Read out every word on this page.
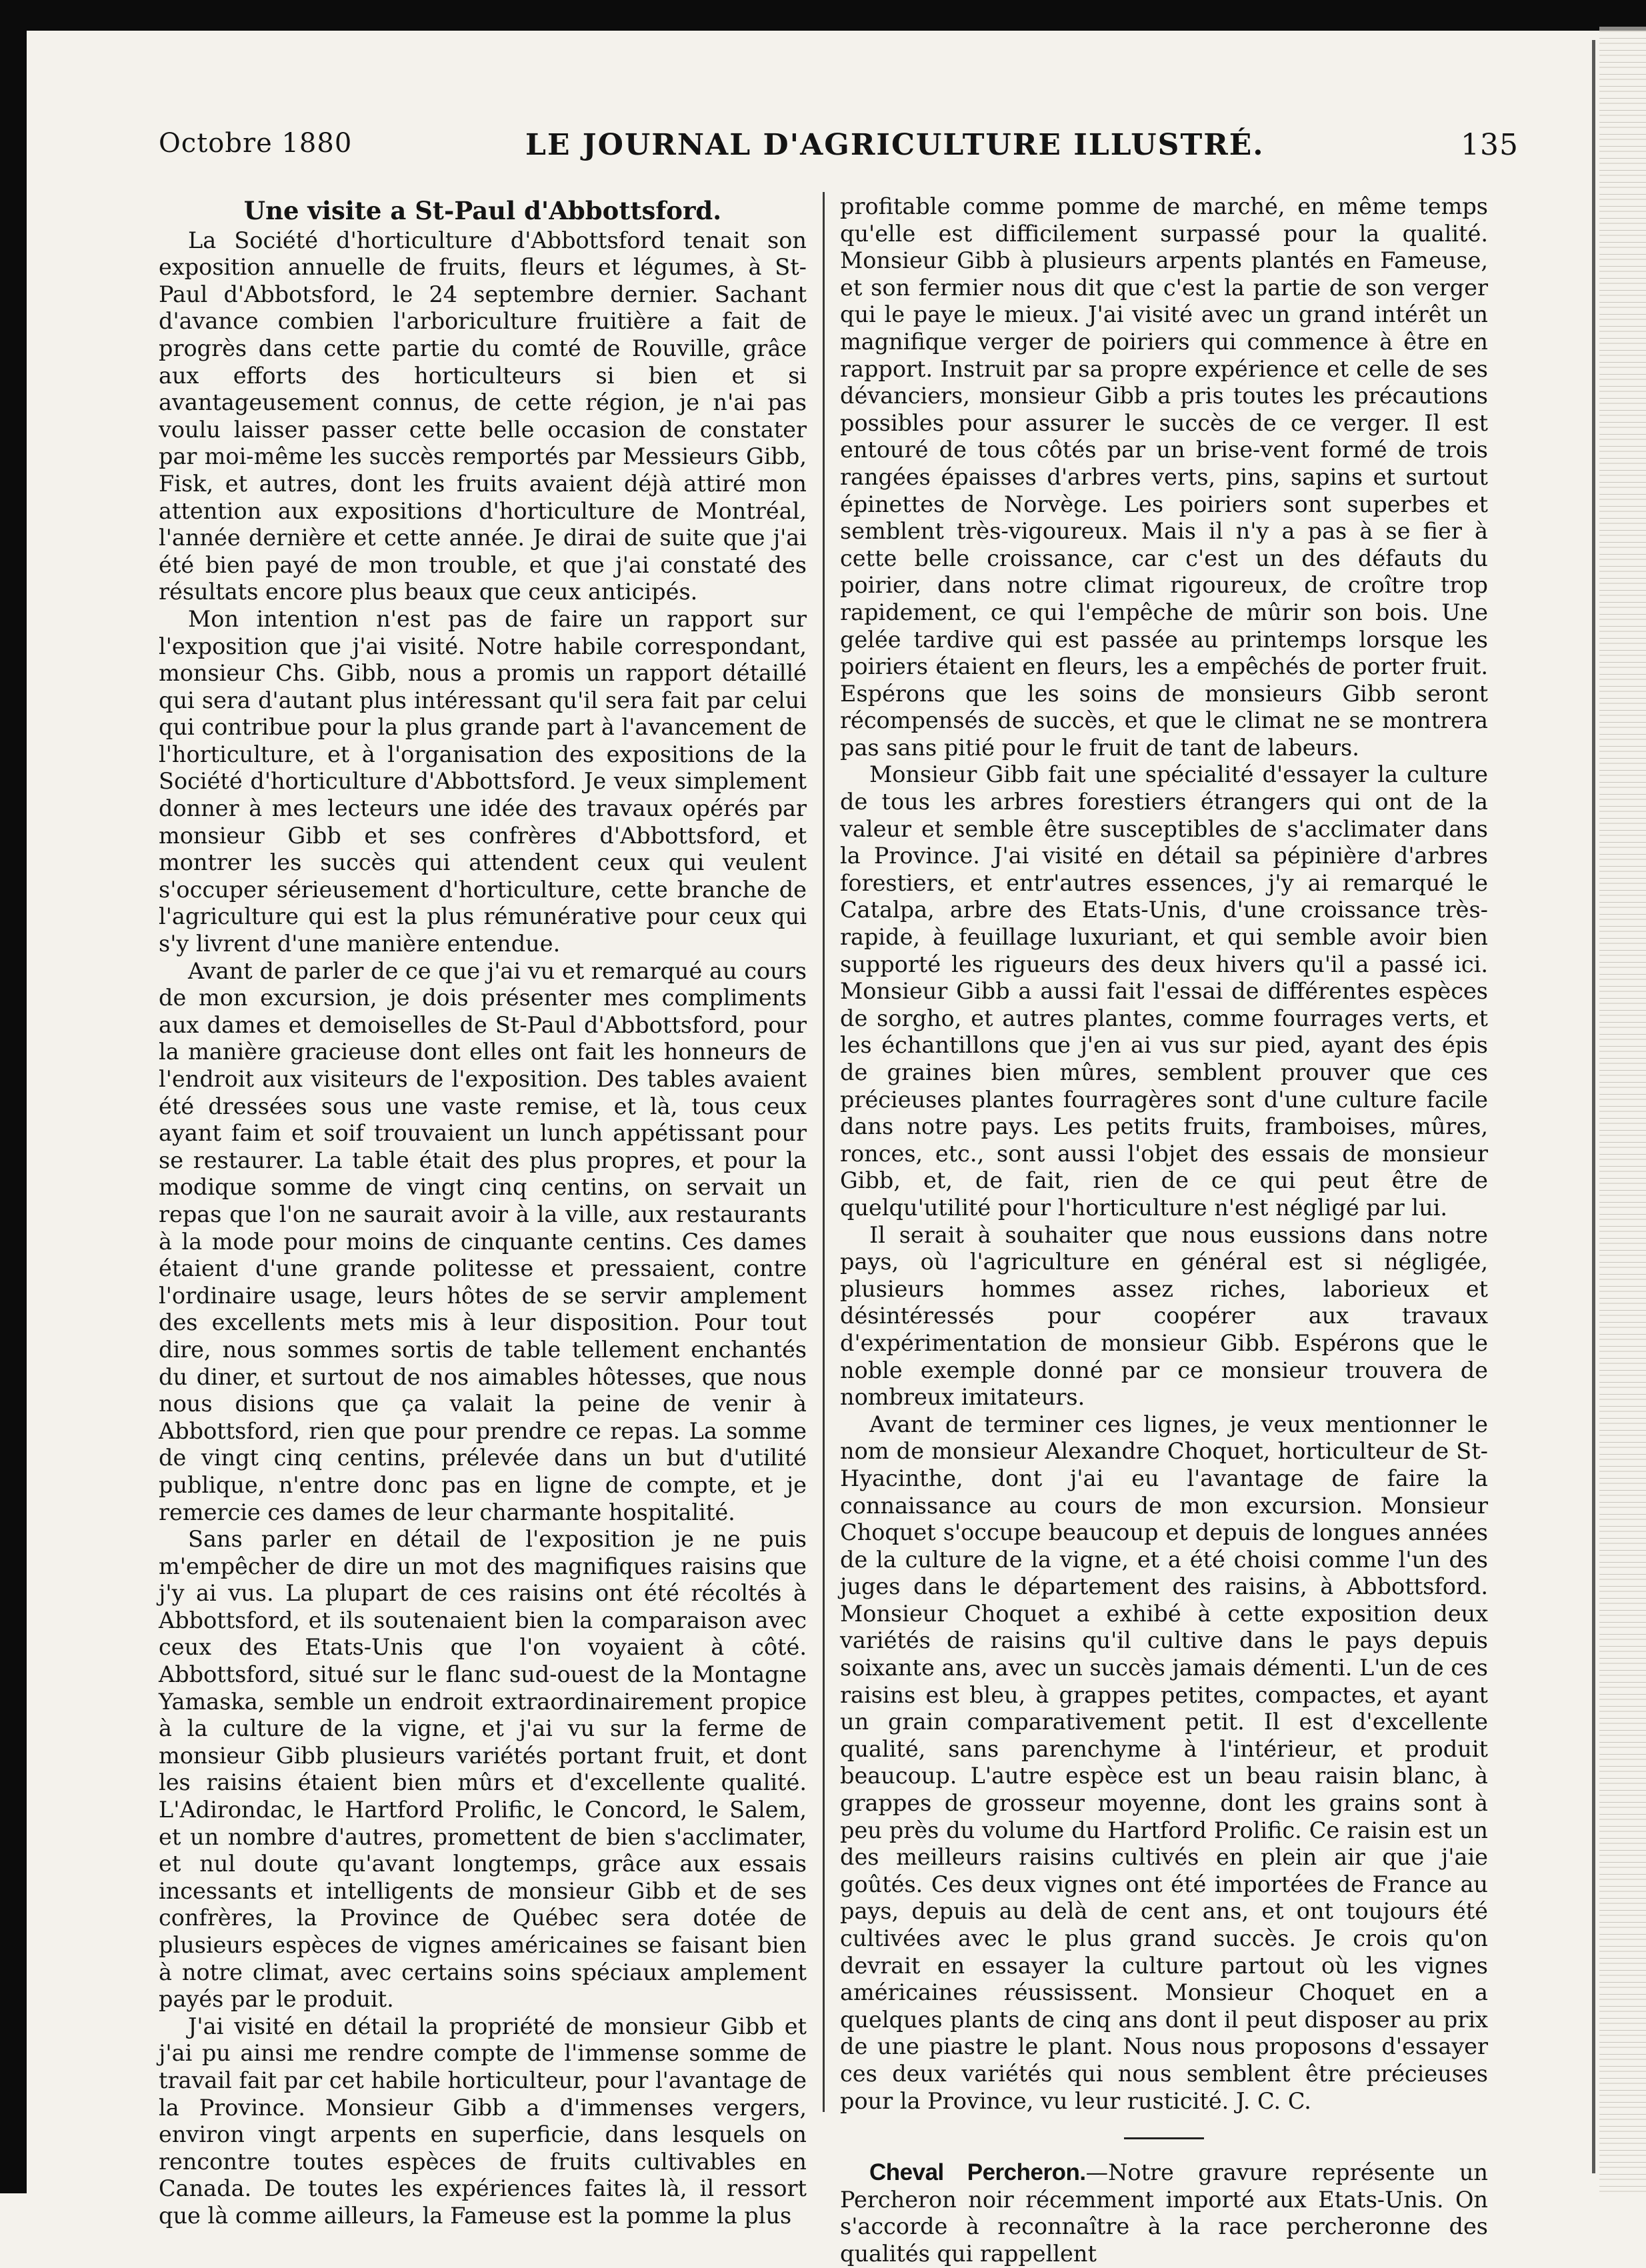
Octobre 1880	LE JOURNAL D'AGRICULTURE ILLUSTRÉ.	135
Une visite a St-Paul d'Abbottsford.

La Société d'horticulture d'Abbottsford tenait son exposition annuelle de fruits, fleurs et légumes, à St-Paul d'Abbotsford, le 24 septembre dernier. Sachant d'avance combien l'arboriculture fruitière a fait de progrès dans cette partie du comté de Rouville, grâce aux efforts des horticulteurs si bien et si avantageusement connus, de cette région, je n'ai pas voulu laisser passer cette belle occasion de constater par moi-même les succès remportés par Messieurs Gibb, Fisk, et autres, dont les fruits avaient déjà attiré mon attention aux expositions d'horticulture de Montréal, l'année dernière et cette année. Je dirai de suite que j'ai été bien payé de mon trouble, et que j'ai constaté des résultats encore plus beaux que ceux anticipés.

Mon intention n'est pas de faire un rapport sur l'exposition que j'ai visité. Notre habile correspondant, monsieur Chs. Gibb, nous a promis un rapport détaillé qui sera d'autant plus intéressant qu'il sera fait par celui qui contribue pour la plus grande part à l'avancement de l'horticulture, et à l'organisation des expositions de la Société d'horticulture d'Abbottsford. Je veux simplement donner à mes lecteurs une idée des travaux opérés par monsieur Gibb et ses confrères d'Abbottsford, et montrer les succès qui attendent ceux qui veulent s'occuper sérieusement d'horticulture, cette branche de l'agriculture qui est la plus rémunérative pour ceux qui s'y livrent d'une manière entendue.

Avant de parler de ce que j'ai vu et remarqué au cours de mon excursion, je dois présenter mes compliments aux dames et demoiselles de St-Paul d'Abbottsford, pour la manière gracieuse dont elles ont fait les honneurs de l'endroit aux visiteurs de l'exposition. Des tables avaient été dressées sous une vaste remise, et là, tous ceux ayant faim et soif trouvaient un lunch appétissant pour se restaurer. La table était des plus propres, et pour la modique somme de vingt cinq centins, on servait un repas que l'on ne saurait avoir à la ville, aux restaurants à la mode pour moins de cinquante centins. Ces dames étaient d'une grande politesse et pressaient, contre l'ordinaire usage, leurs hôtes de se servir amplement des excellents mets mis à leur disposition. Pour tout dire, nous sommes sortis de table tellement enchantés du diner, et surtout de nos aimables hôtesses, que nous nous disions que ça valait la peine de venir à Abbottsford, rien que pour prendre ce repas. La somme de vingt cinq centins, prélevée dans un but d'utilité publique, n'entre donc pas en ligne de compte, et je remercie ces dames de leur charmante hospitalité.

Sans parler en détail de l'exposition je ne puis m'empêcher de dire un mot des magnifiques raisins que j'y ai vus. La plupart de ces raisins ont été récoltés à Abbottsford, et ils soutenaient bien la comparaison avec ceux des Etats-Unis que l'on voyaient à côté. Abbottsford, situé sur le flanc sud-ouest de la Montagne Yamaska, semble un endroit extraordinairement propice à la culture de la vigne, et j'ai vu sur la ferme de monsieur Gibb plusieurs variétés portant fruit, et dont les raisins étaient bien mûrs et d'excellente qualité. L'Adirondac, le Hartford Prolific, le Concord, le Salem, et un nombre d'autres, promettent de bien s'acclimater, et nul doute qu'avant longtemps, grâce aux essais incessants et intelligents de monsieur Gibb et de ses confrères, la Province de Québec sera dotée de plusieurs espèces de vignes américaines se faisant bien à notre climat, avec certains soins spéciaux amplement payés par le produit.

J'ai visité en détail la propriété de monsieur Gibb et j'ai pu ainsi me rendre compte de l'immense somme de travail fait par cet habile horticulteur, pour l'avantage de la Province. Monsieur Gibb a d'immenses vergers, environ vingt arpents en superficie, dans lesquels on rencontre toutes espèces de fruits cultivables en Canada. De toutes les expériences faites là, il ressort que là comme ailleurs, la Fameuse est la pomme la plus

profitable comme pomme de marché, en même temps qu'elle est difficilement surpassé pour la qualité. Monsieur Gibb à plusieurs arpents plantés en Fameuse, et son fermier nous dit que c'est la partie de son verger qui le paye le mieux. J'ai visité avec un grand intérêt un magnifique verger de poiriers qui commence à être en rapport. Instruit par sa propre expérience et celle de ses dévanciers, monsieur Gibb a pris toutes les précautions possibles pour assurer le succès de ce verger. Il est entouré de tous côtés par un brise-vent formé de trois rangées épaisses d'arbres verts, pins, sapins et surtout épinettes de Norvège. Les poiriers sont superbes et semblent très-vigoureux. Mais il n'y a pas à se fier à cette belle croissance, car c'est un des défauts du poirier, dans notre climat rigoureux, de croître trop rapidement, ce qui l'empêche de mûrir son bois. Une gelée tardive qui est passée au printemps lorsque les poiriers étaient en fleurs, les a empêchés de porter fruit. Espérons que les soins de monsieurs Gibb seront récompensés de succès, et que le climat ne se montrera pas sans pitié pour le fruit de tant de labeurs.

Monsieur Gibb fait une spécialité d'essayer la culture de tous les arbres forestiers étrangers qui ont de la valeur et semble être susceptibles de s'acclimater dans la Province. J'ai visité en détail sa pépinière d'arbres forestiers, et entr'autres essences, j'y ai remarqué le Catalpa, arbre des Etats-Unis, d'une croissance très-rapide, à feuillage luxuriant, et qui semble avoir bien supporté les rigueurs des deux hivers qu'il a passé ici. Monsieur Gibb a aussi fait l'essai de différentes espèces de sorgho, et autres plantes, comme fourrages verts, et les échantillons que j'en ai vus sur pied, ayant des épis de graines bien mûres, semblent prouver que ces précieuses plantes fourragères sont d'une culture facile dans notre pays. Les petits fruits, framboises, mûres, ronces, etc., sont aussi l'objet des essais de monsieur Gibb, et, de fait, rien de ce qui peut être de quelqu'utilité pour l'horticulture n'est négligé par lui.

Il serait à souhaiter que nous eussions dans notre pays, où l'agriculture en général est si négligée, plusieurs hommes assez riches, laborieux et désintéressés pour coopérer aux travaux d'expérimentation de monsieur Gibb. Espérons que le noble exemple donné par ce monsieur trouvera de nombreux imitateurs.

Avant de terminer ces lignes, je veux mentionner le nom de monsieur Alexandre Choquet, horticulteur de St-Hyacinthe, dont j'ai eu l'avantage de faire la connaissance au cours de mon excursion. Monsieur Choquet s'occupe beaucoup et depuis de longues années de la culture de la vigne, et a été choisi comme l'un des juges dans le département des raisins, à Abbottsford. Monsieur Choquet a exhibé à cette exposition deux variétés de raisins qu'il cultive dans le pays depuis soixante ans, avec un succès jamais démenti. L'un de ces raisins est bleu, à grappes petites, compactes, et ayant un grain comparativement petit. Il est d'excellente qualité, sans parenchyme à l'intérieur, et produit beaucoup. L'autre espèce est un beau raisin blanc, à grappes de grosseur moyenne, dont les grains sont à peu près du volume du Hartford Prolific. Ce raisin est un des meilleurs raisins cultivés en plein air que j'aie goûtés. Ces deux vignes ont été importées de France au pays, depuis au delà de cent ans, et ont toujours été cultivées avec le plus grand succès. Je crois qu'on devrait en essayer la culture partout où les vignes américaines réussissent. Monsieur Choquet en a quelques plants de cinq ans dont il peut disposer au prix de une piastre le plant. Nous nous proposons d'essayer ces deux variétés qui nous semblent être précieuses pour la Province, vu leur rusticité. J. C. C.

Cheval Percheron.—Notre gravure représente un Percheron noir récemment importé aux Etats-Unis. On s'accorde à reconnaître à la race percheronne des qualités qui rappellent
